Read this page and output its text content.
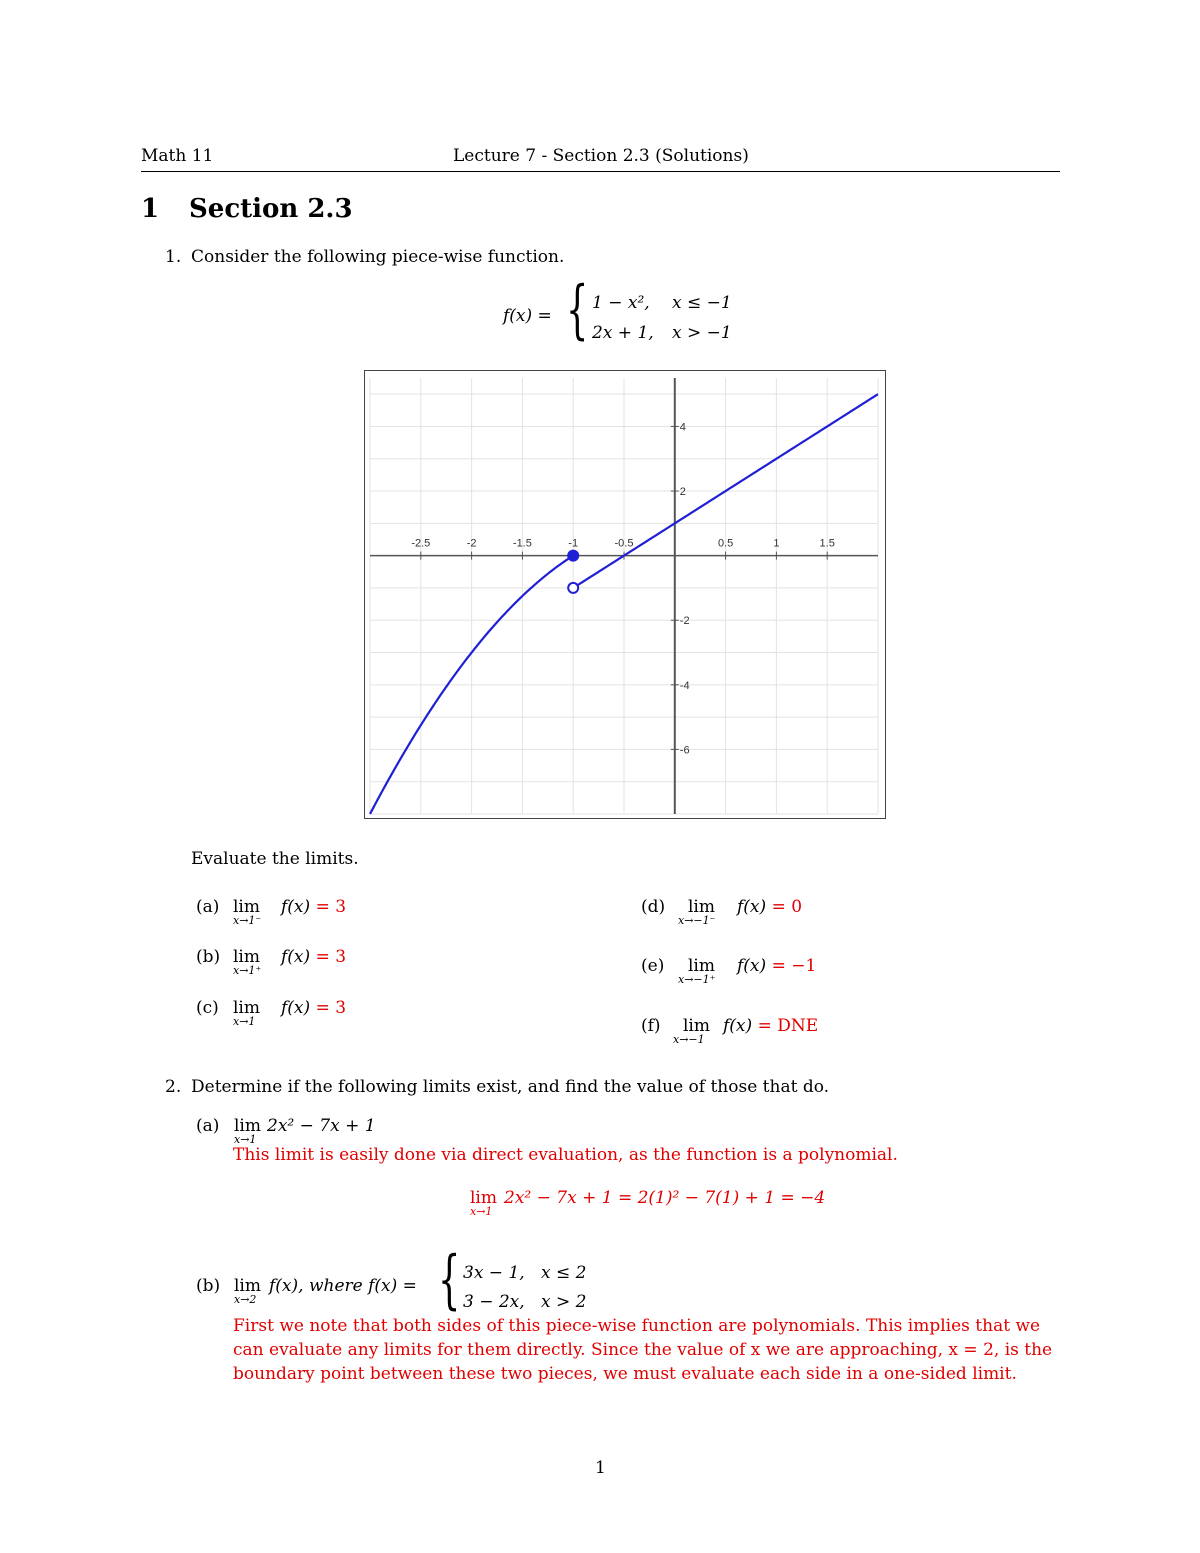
Math 11	Lecture 7 - Section 2.3 (Solutions)
1 Section 2.3
1. Consider the following piece-wise function.
f(x) = { 1 − x², x ≤ −1
2x + 1, x > −1
-2.5	-2	-1.5	-1	-0.5	0.5	1	1.5
4
2
-2
-4
-6
Evaluate the limits.
(a) lim
x→1⁻
f(x) = 3
(b) lim
x→1⁺
f(x) = 3
(c) lim
x→1
f(x) = 3
(d) lim
x→−1⁻
f(x) = 0
(e) lim
x→−1⁺
f(x) = −1
(f) lim
x→−1
f(x) = DNE
2. Determine if the following limits exist, and find the value of those that do.
(a) lim
x→1
2x² − 7x + 1
This limit is easily done via direct evaluation, as the function is a polynomial.
lim
x→1
2x² − 7x + 1 = 2(1)² − 7(1) + 1 = −4
(b) lim
x→2
f(x), where f(x) = { 3x − 1, x ≤ 2
3 − 2x, x > 2
First we note that both sides of this piece-wise function are polynomials. This implies that we
can evaluate any limits for them directly. Since the value of x we are approaching, x = 2, is the
boundary point between these two pieces, we must evaluate each side in a one-sided limit.
1
